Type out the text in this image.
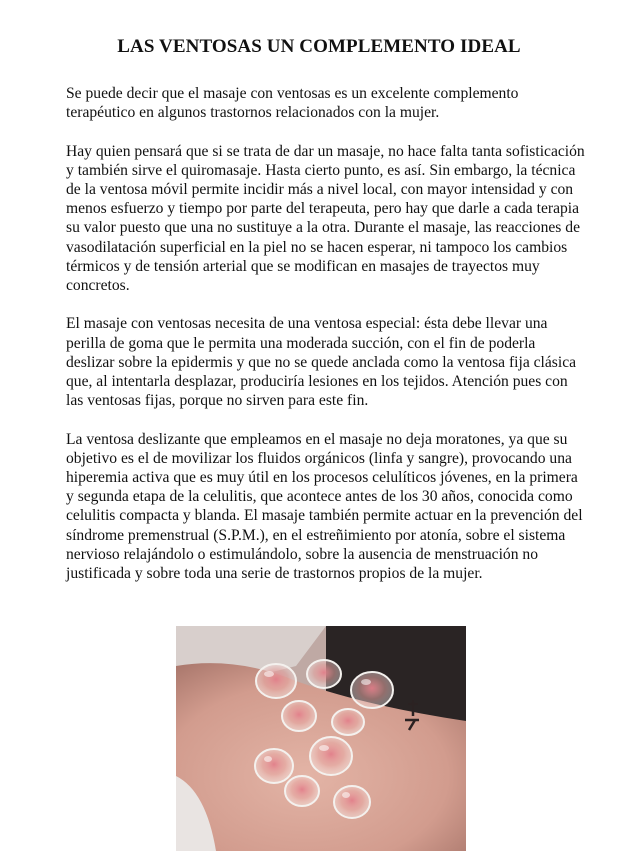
LAS VENTOSAS UN COMPLEMENTO IDEAL

Se puede decir que el masaje con ventosas es un excelente complemento terapéutico en algunos trastornos relacionados con la mujer.

Hay quien pensará que si se trata de dar un masaje, no hace falta tanta sofisticación y también sirve el quiromasaje. Hasta cierto punto, es así. Sin embargo, la técnica de la ventosa móvil permite incidir más a nivel local, con mayor intensidad y con menos esfuerzo y tiempo por parte del terapeuta, pero hay que darle a cada terapia su valor puesto que una no sustituye a la otra. Durante el masaje, las reacciones de vasodilatación superficial en la piel no se hacen esperar, ni tampoco los cambios térmicos y de tensión arterial que se modifican en masajes de trayectos muy concretos.

El masaje con ventosas necesita de una ventosa especial: ésta debe llevar una perilla de goma que le permita una moderada succión, con el fin de poderla deslizar sobre la epidermis y que no se quede anclada como la ventosa fija clásica que, al intentarla desplazar, produciría lesiones en los tejidos. Atención pues con las ventosas fijas, porque no sirven para este fin.

La ventosa deslizante que empleamos en el masaje no deja moratones, ya que su objetivo es el de movilizar los fluidos orgánicos (linfa y sangre), provocando una hiperemia activa que es muy útil en los procesos celulíticos jóvenes, en la primera y segunda etapa de la celulitis, que acontece antes de los 30 años, conocida como celulitis compacta y blanda. El masaje también permite actuar en la prevención del síndrome premenstrual (S.P.M.), en el estreñimiento por atonía, sobre el sistema nervioso relajándolo o estimulándolo, sobre la ausencia de menstruación no justificada y sobre toda una serie de trastornos propios de la mujer.
